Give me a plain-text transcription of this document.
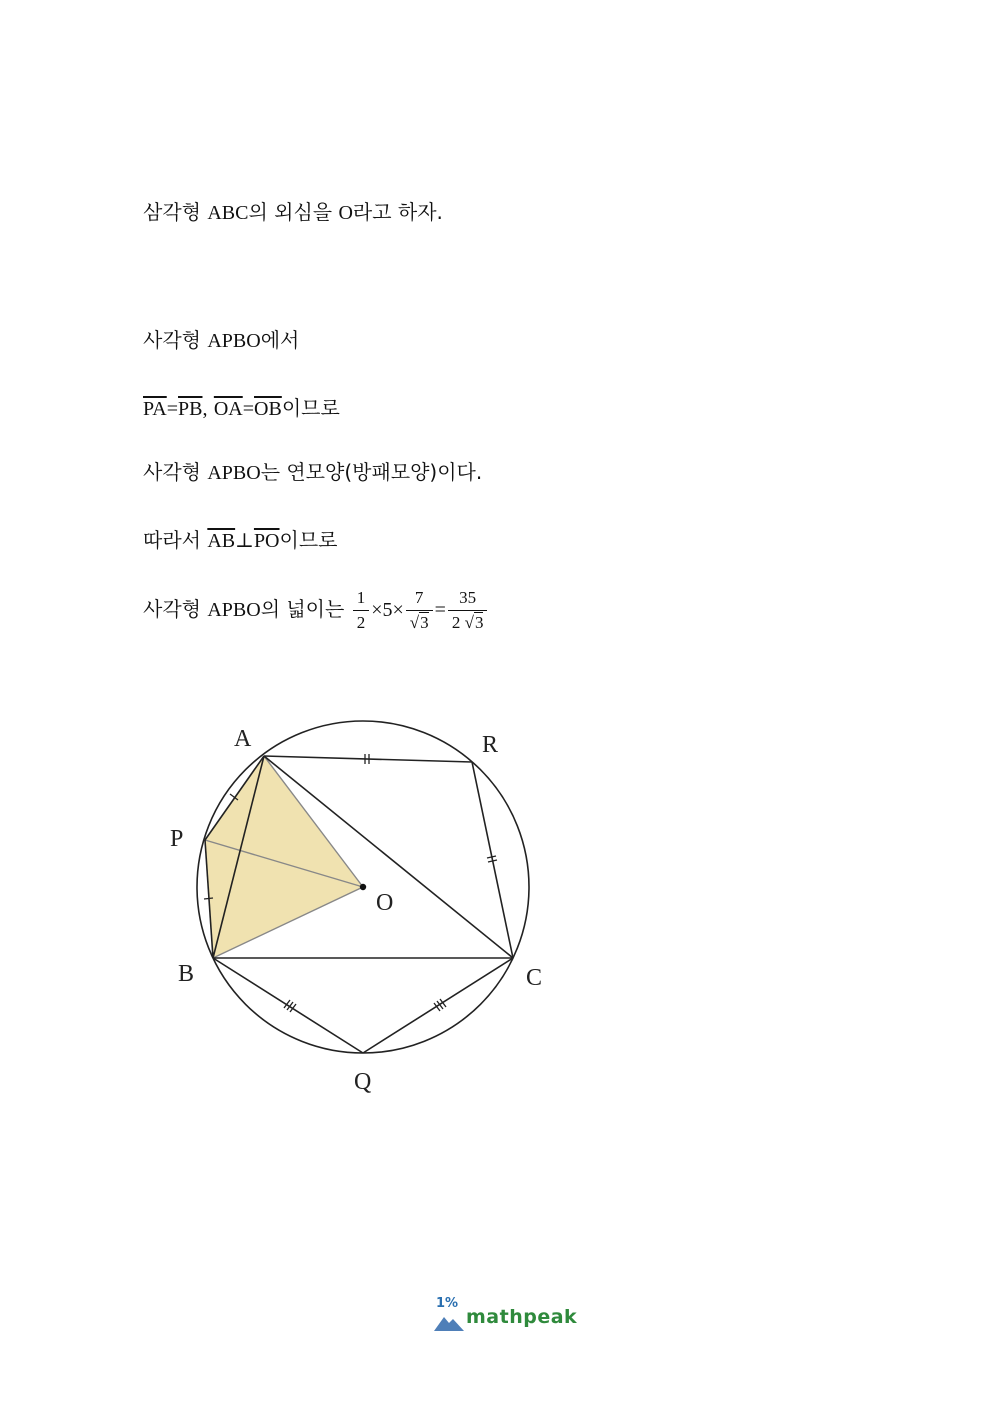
삼각형 ABC의 외심을 O라고 하자.
사각형 APBO에서
$\overline{PA}=\overline{PB}$, $\overline{OA}=\overline{OB}$이므로
사각형 APBO는 연모양(방패모양)이다.
따라서 $\overline{AB}\perp\overline{PO}$이므로
사각형 APBO의 넓이는 $\frac{1}{2} \times 5\times \frac{7}{√3} = \frac{35}{2 √3}$
A	R
P
O
B	C
Q
1%
mathpeak
